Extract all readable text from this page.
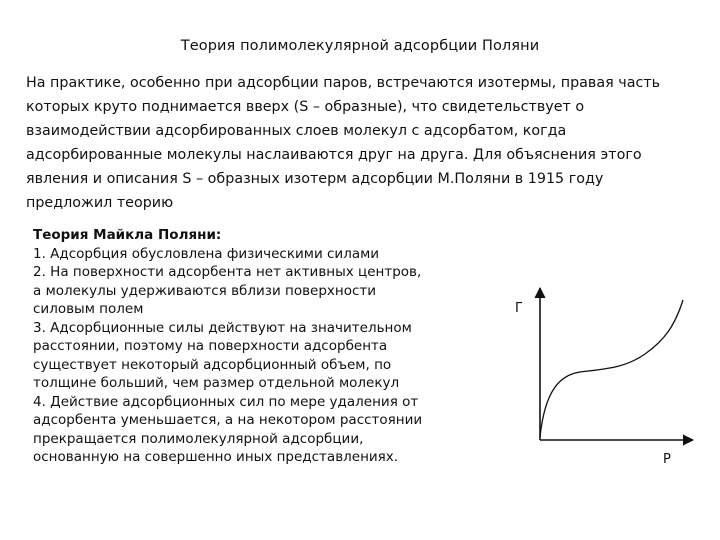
Теория полимолекулярной адсорбции Поляни
На практике, особенно при адсорбции паров, встречаются изотермы, правая часть
которых круто поднимается вверх (S – образные), что свидетельствует о
взаимодействии адсорбированных слоев молекул с адсорбатом, когда
адсорбированные молекулы наслаиваются друг на друга. Для объяснения этого
явления и описания S – образных изотерм адсорбции М.Поляни в 1915 году
предложил теорию
Теория Майкла Поляни:
1. Адсорбция обусловлена физическими силами
2. На поверхности адсорбента нет активных центров,
а молекулы удерживаются вблизи поверхности
силовым полем
3. Адсорбционные силы действуют на значительном
расстоянии, поэтому на поверхности адсорбента
существует некоторый адсорбционный объем, по
толщине больший, чем размер отдельной молекул
4. Действие адсорбционных сил по мере удаления от
адсорбента уменьшается, а на некотором расстоянии
прекращается полимолекулярной адсорбции,
основанную на совершенно иных представлениях.
Г
Р
